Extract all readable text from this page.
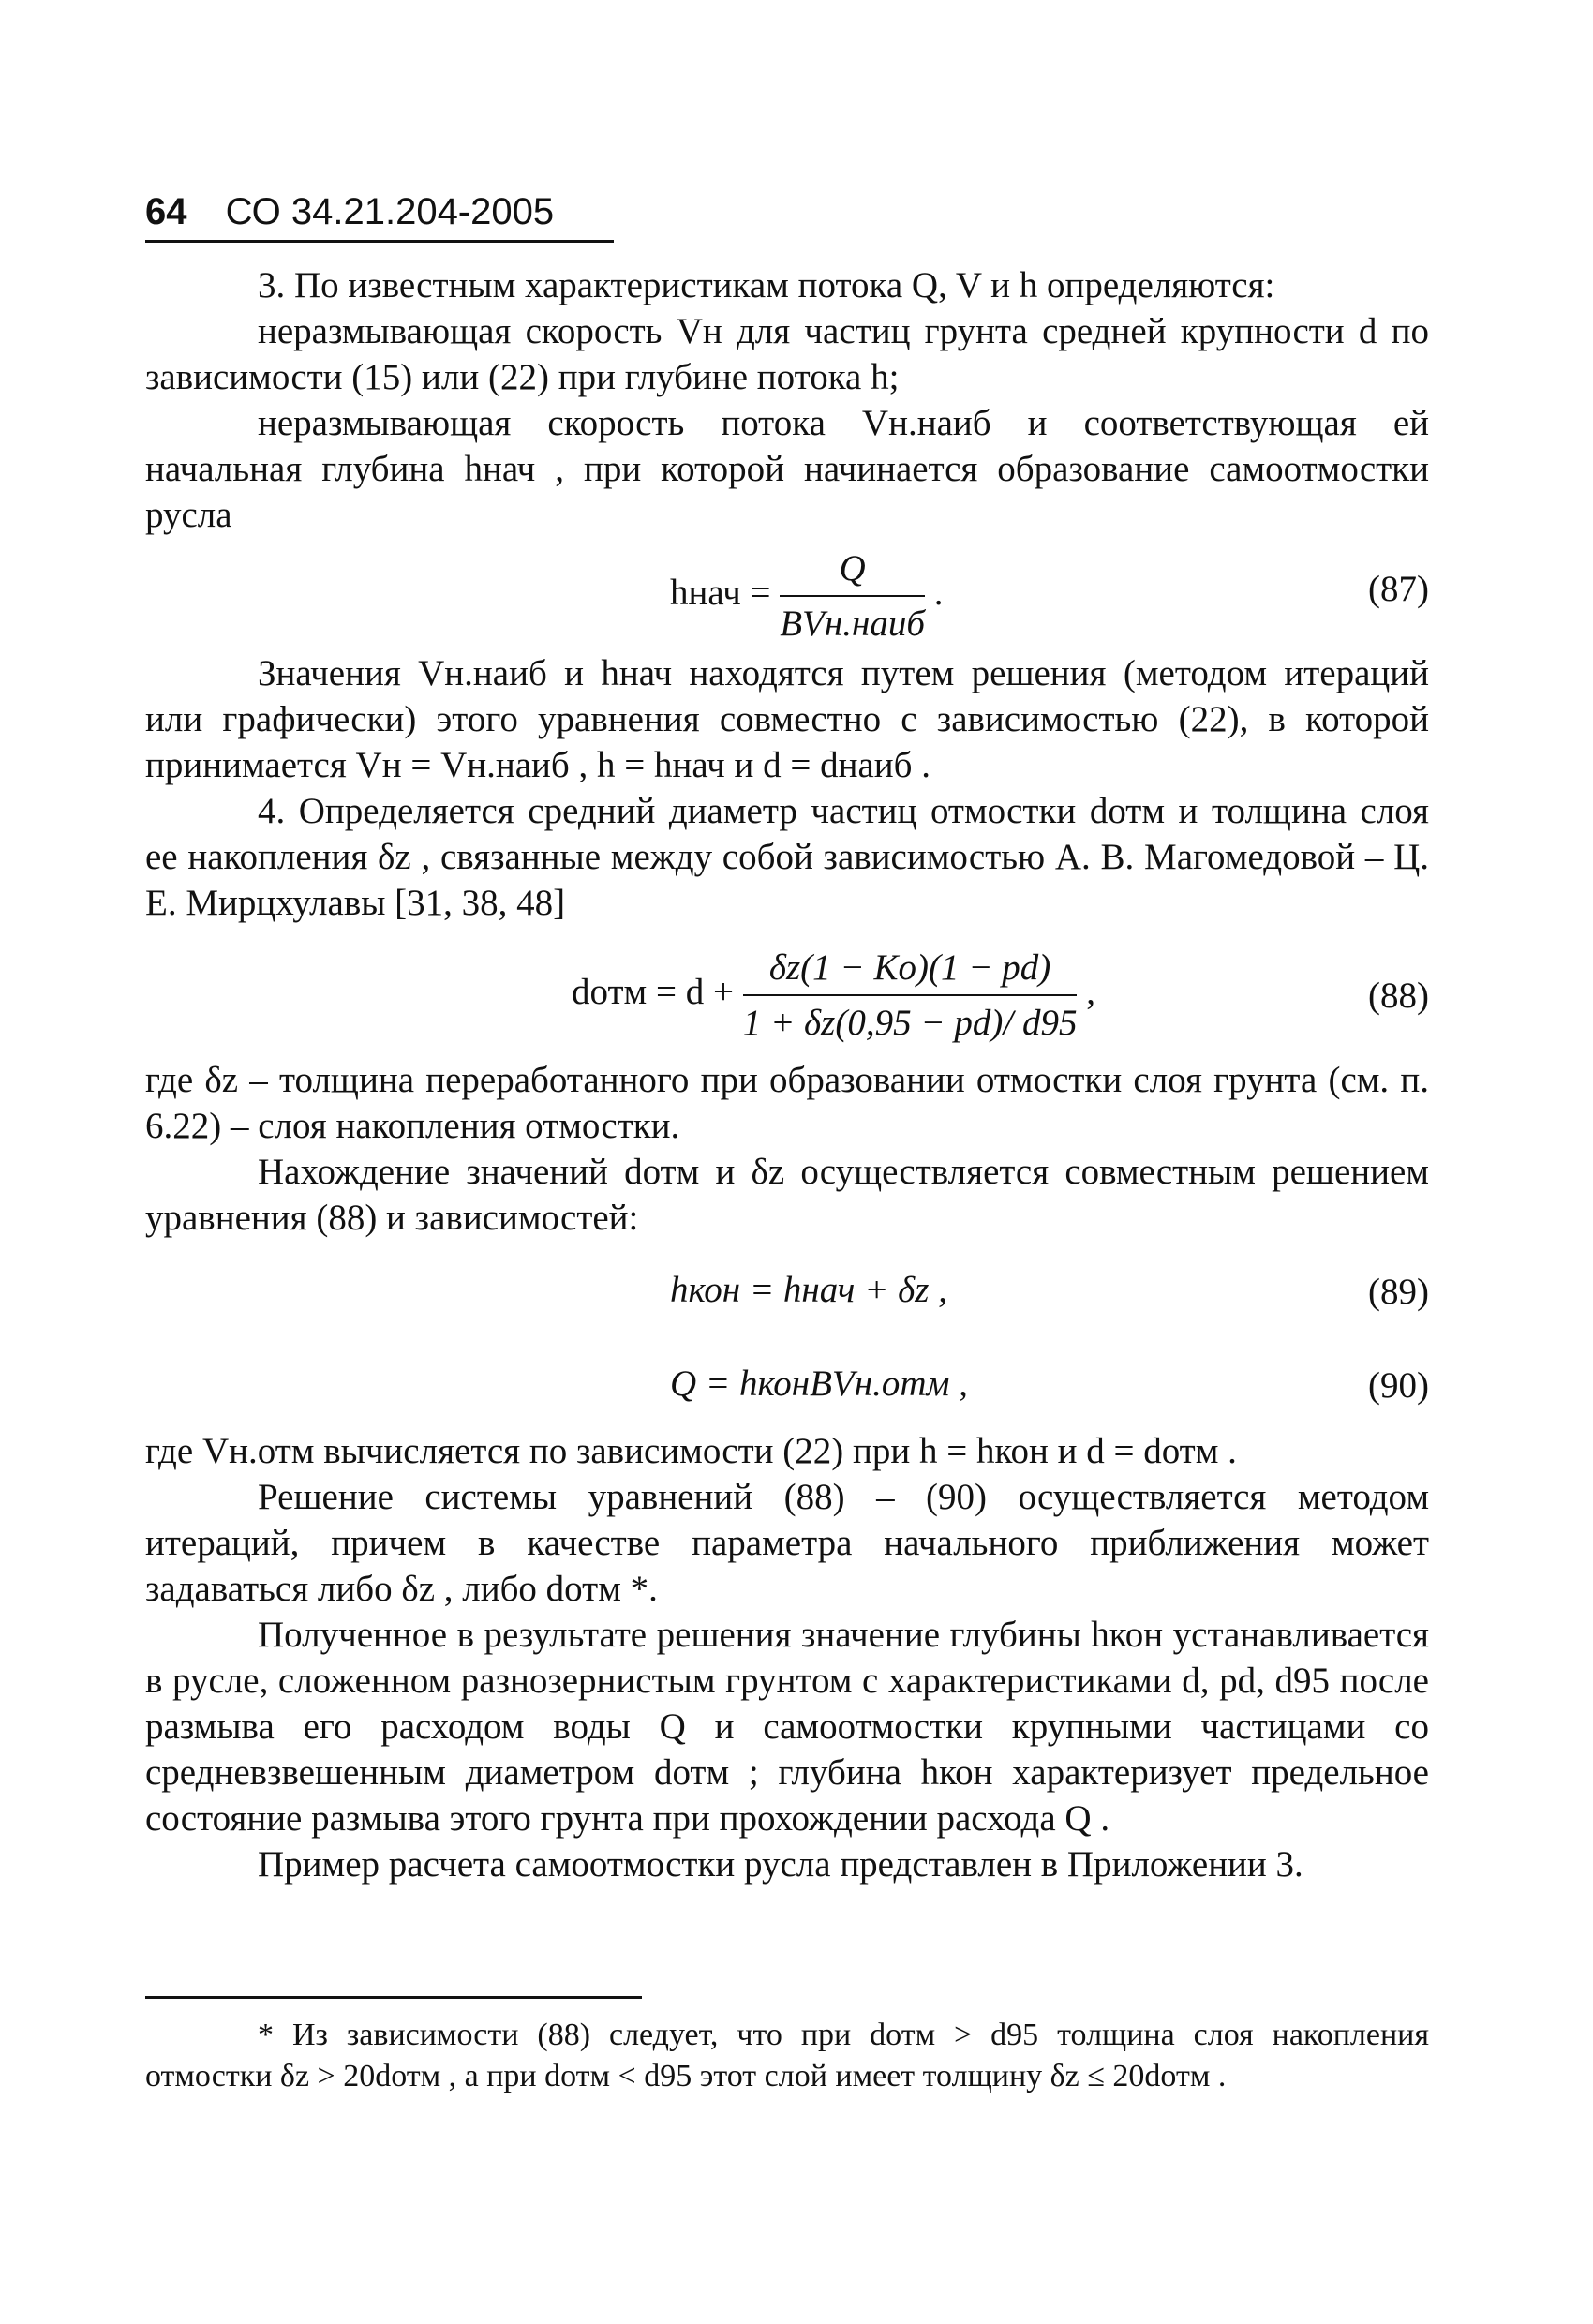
64 СО 34.21.204-2005

3. По известным характеристикам потока Q, V и h определяются:

неразмывающая скорость Vн для частиц грунта средней крупности d по зависимости (15) или (22) при глубине потока h;

неразмывающая скорость потока Vн.наиб и соответствующая ей начальная глубина hнач , при которой начинается образование самоотмостки русла

hнач = $\frac{Q}{\text{BVн.наиб}}$ .	(87)

Значения Vн.наиб и hнач находятся путем решения (методом итераций или графически) этого уравнения совместно с зависимостью (22), в которой принимается Vн = Vн.наиб , h = hнач и d = dнаиб .

4. Определяется средний диаметр частиц отмостки dотм и толщина слоя ее накопления δz , связанные между собой зависимостью А. В. Магомедовой – Ц. Е. Мирцхулавы [31, 38, 48]

dотм = $d + \frac{\delta z(1 - Kо)(1 - pd)}{1 + \delta z(0,95 - pd)/ d95}$ ,	(88)

где δz – толщина переработанного при образовании отмостки слоя грунта (см. п. 6.22) – слоя накопления отмостки.

Нахождение значений dотм и δz осуществляется совместным решением уравнения (88) и зависимостей:

hкон = hнач + δz ,	(89)
Q = hконBVн.отм ,	(90)

где Vн.отм вычисляется по зависимости (22) при h = hкон и d = dотм .

Решение системы уравнений (88) – (90) осуществляется методом итераций, причем в качестве параметра начального приближения может задаваться либо δz , либо dотм *.

Полученное в результате решения значение глубины hкон устанавливается в русле, сложенном разнозернистым грунтом с характеристиками d, pd, d95 после размыва его расходом воды Q и самоотмостки крупными частицами со средневзвешенным диаметром dотм ; глубина hкон характеризует предельное состояние размыва этого грунта при прохождении расхода Q .

Пример расчета самоотмостки русла представлен в Приложении 3.

* Из зависимости (88) следует, что при dотм > d95 толщина слоя накопления отмостки δz > 20dотм , а при dотм < d95 этот слой имеет толщину δz ≤ 20dотм .
